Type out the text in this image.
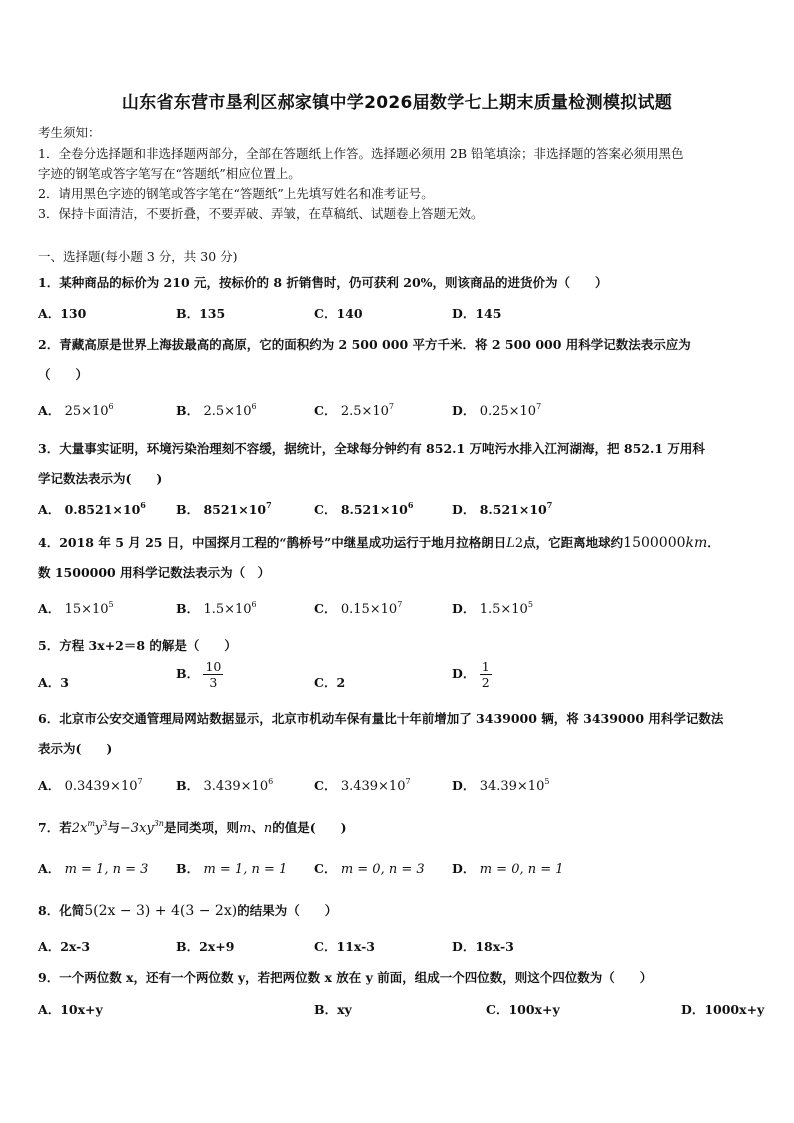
山东省东营市垦利区郝家镇中学2026届数学七上期末质量检测模拟试题
考生须知：
1．全卷分选择题和非选择题两部分，全部在答题纸上作答。选择题必须用 2B 铅笔填涂；非选择题的答案必须用黑色
字迹的钢笔或答字笔写在“答题纸”相应位置上。
2．请用黑色字迹的钢笔或答字笔在“答题纸”上先填写姓名和准考证号。
3．保持卡面清洁，不要折叠，不要弄破、弄皱，在草稿纸、试题卷上答题无效。
一、选择题(每小题 3 分，共 30 分)
1．某种商品的标价为 210 元，按标价的 8 折销售时，仍可获利 20%，则该商品的进货价为（　　）
A．130	B．135	C．140	D．145
2．青藏高原是世界上海拔最高的高原，它的面积约为 2 500 000 平方千米．将 2 500 000 用科学记数法表示应为
（　　）
A． $25\times 10^6$	B． $2.5\times 10^6$	C． $2.5\times 10^7$	D． $0.25\times 10^7$
3．大量事实证明，环境污染治理刻不容缓，据统计，全球每分钟约有 852.1 万吨污水排入江河湖海，把 852.1 万用科
学记数法表示为(　　)
A． $0.8521\times 10^6$ B． $8521\times 10^7$	C． $8.521\times 10^6$	D． $8.521\times 10^7$
4．2018 年 5 月 25 日，中国探月工程的“鹊桥号”中继星成功运行于地月拉格朗日L2点，它距离地球约1500000km．
数 1500000 用科学记数法表示为（　）
A． $15\times 10^5$	B． $1.5\times 10^6$	C． $0.15\times 10^7$	D． $1.5\times 10^5$
5．方程 3x+2＝8 的解是（　　）
A．3
B． $\frac{10}{3}$	C．2
D． $\frac{1}{2}$
6．北京市公安交通管理局网站数据显示，北京市机动车保有量比十年前增加了 3439000 辆，将 3439000 用科学记数法
表示为(　　)
A． $0.3439\times 10^7$	B． $3.439\times 10^6$	C． $3.439\times 10^7$	D． $34.39\times 10^5$
7．若$2x^my^3$与$-3xy^{3n}$是同类项，则m、n的值是(　　)
A． m = 1, n = 3 B． m = 1, n = 1 C． m = 0, n = 3 D． m = 0, n = 1
8．化简5(2x − 3) + 4(3 − 2x)的结果为（　　）
A．2x-3	B．2x+9	C．11x-3	D．18x-3
9．一个两位数 x，还有一个两位数 y，若把两位数 x 放在 y 前面，组成一个四位数，则这个四位数为（　　）
A．10x+y	B．xy	C．100x+y	D．1000x+y
